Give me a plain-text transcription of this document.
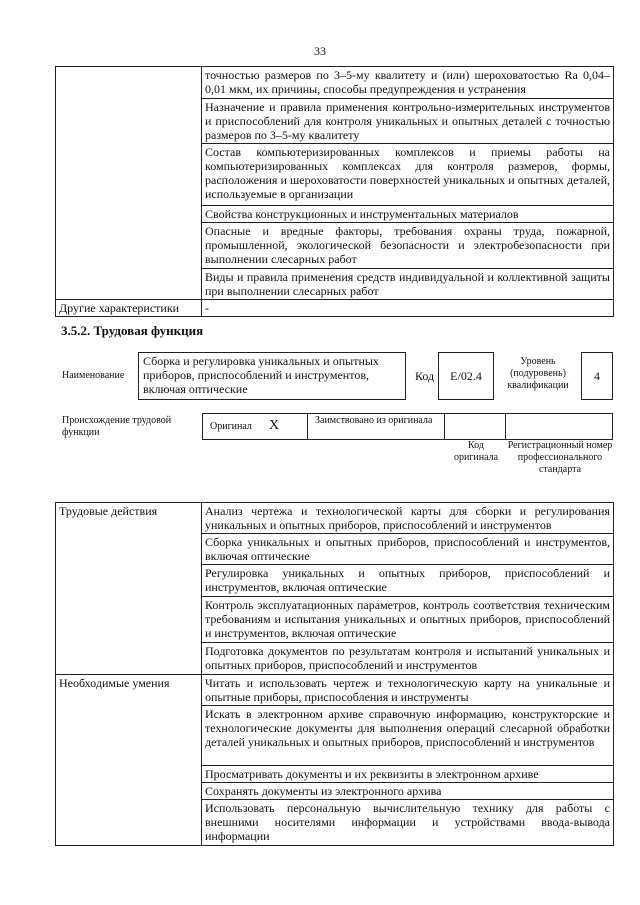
33
	точностью размеров по 3–5-му квалитету и (или) шероховатостью Ra 0,04–0,01 мкм, их причины, способы предупреждения и устранения
	Назначение и правила применения контрольно-измерительных инструментов и приспособлений для контроля уникальных и опытных деталей с точностью размеров по 3–5-му квалитету
	Состав компьютеризированных комплексов и приемы работы на компьютеризированных комплексах для контроля размеров, формы, расположения и шероховатости поверхностей уникальных и опытных деталей, используемые в организации
	Свойства конструкционных и инструментальных материалов
	Опасные и вредные факторы, требования охраны труда, пожарной, промышленной, экологической безопасности и электробезопасности при выполнении слесарных работ
	Виды и правила применения средств индивидуальной и коллективной защиты при выполнении слесарных работ
Другие характеристики	-
3.5.2. Трудовая функция
Наименование
Сборка и регулировка уникальных и опытных приборов, приспособлений и инструментов, включая оптические
Код	E/02.4
Уровень (подуровень) квалификации
4
Происхождение трудовой функции
Оригинал X	Заимствовано из оригинала
Код оригинала
Регистрационный номер профессионального стандарта
Трудовые действия	Анализ чертежа и технологической карты для сборки и регулирования уникальных и опытных приборов, приспособлений и инструментов
	Сборка уникальных и опытных приборов, приспособлений и инструментов, включая оптические
	Регулировка уникальных и опытных приборов, приспособлений и инструментов, включая оптические
	Контроль эксплуатационных параметров, контроль соответствия техническим требованиям и испытания уникальных и опытных приборов, приспособлений и инструментов, включая оптические
	Подготовка документов по результатам контроля и испытаний уникальных и опытных приборов, приспособлений и инструментов
Необходимые умения	Читать и использовать чертеж и технологическую карту на уникальные и опытные приборы, приспособления и инструменты
	Искать в электронном архиве справочную информацию, конструкторские и технологические документы для выполнения операций слесарной обработки деталей уникальных и опытных приборов, приспособлений и инструментов
	Просматривать документы и их реквизиты в электронном архиве
	Сохранять документы из электронного архива
	Использовать персональную вычислительную технику для работы с внешними носителями информации и устройствами ввода-вывода информации
